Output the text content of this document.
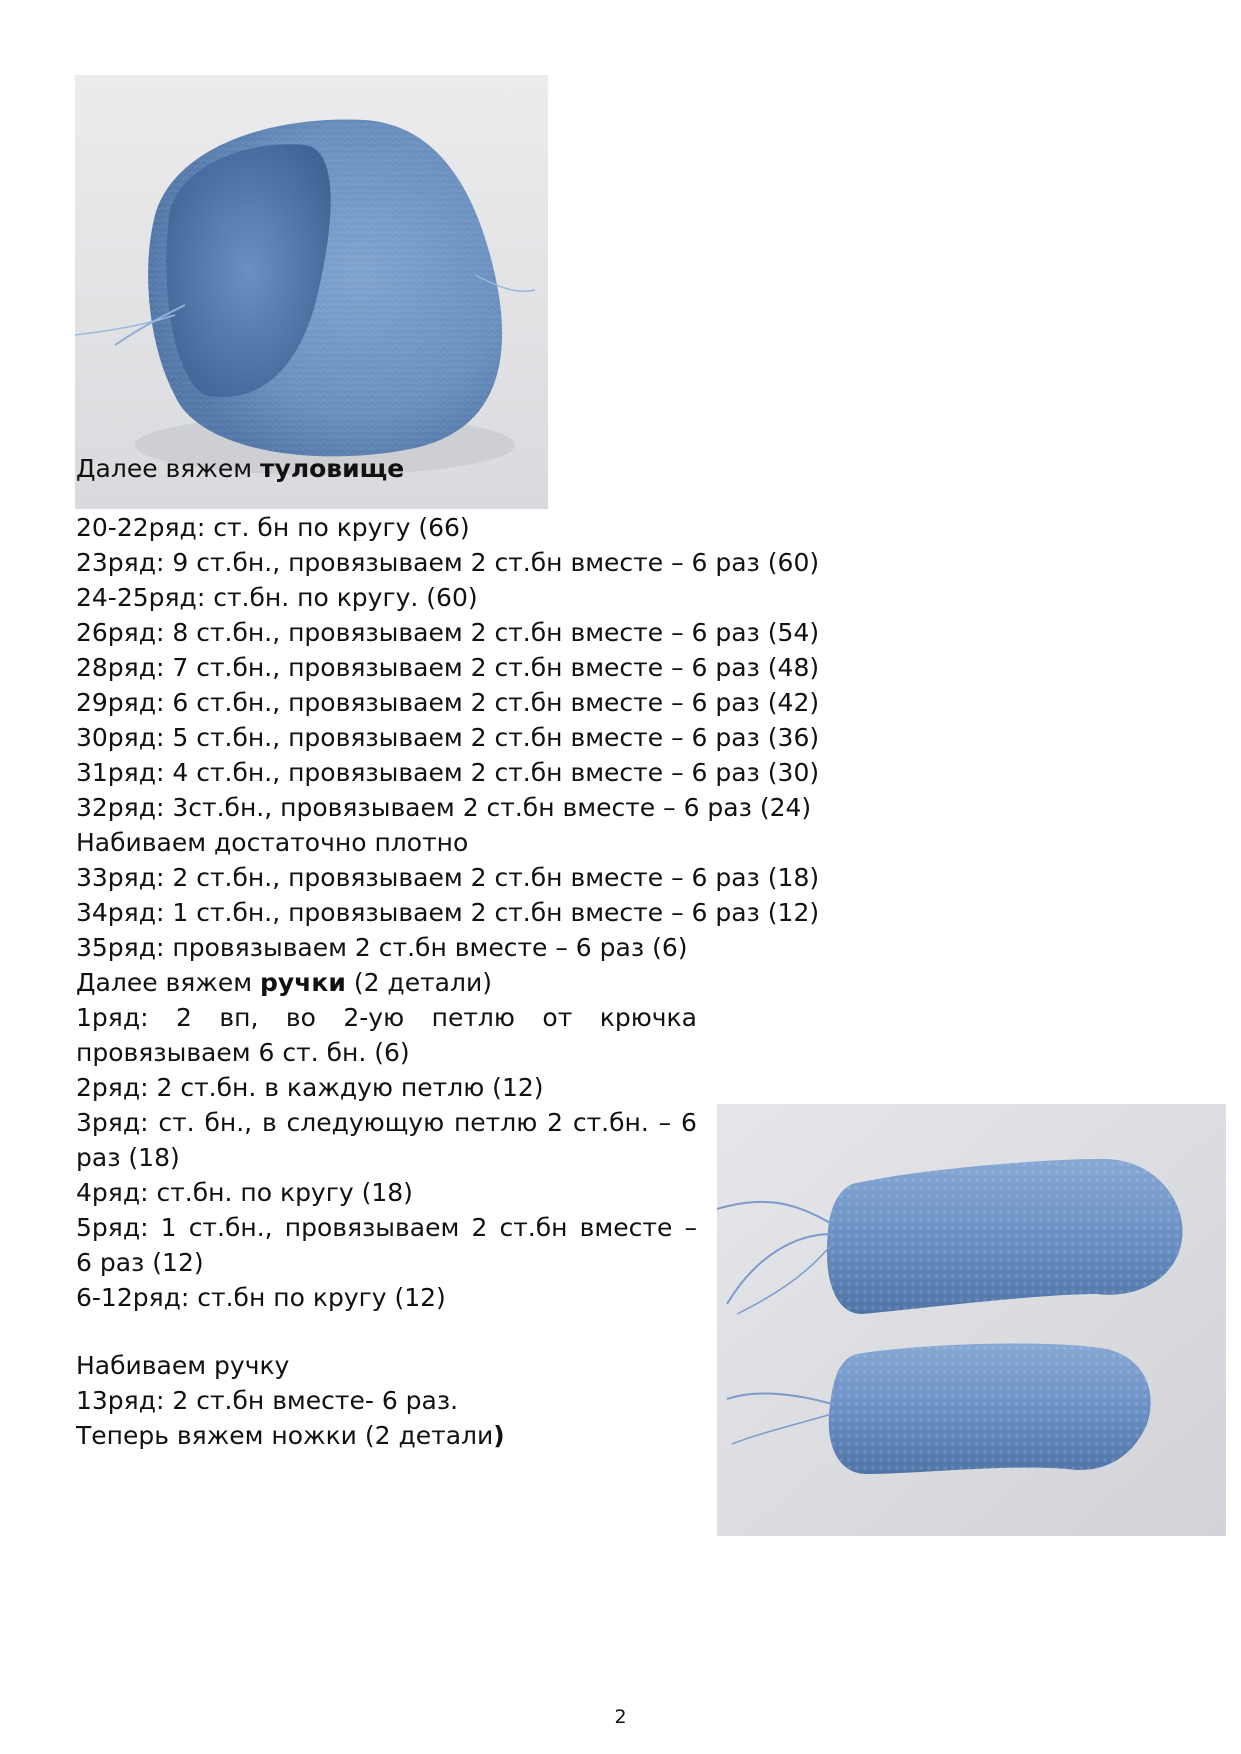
Далее вяжем туловище
20-22ряд: ст. бн по кругу (66)
23ряд: 9 ст.бн., провязываем 2 ст.бн вместе – 6 раз (60)
24-25ряд: ст.бн. по кругу. (60)
26ряд: 8 ст.бн., провязываем 2 ст.бн вместе – 6 раз (54)
28ряд: 7 ст.бн., провязываем 2 ст.бн вместе – 6 раз (48)
29ряд: 6 ст.бн., провязываем 2 ст.бн вместе – 6 раз (42)
30ряд: 5 ст.бн., провязываем 2 ст.бн вместе – 6 раз (36)
31ряд: 4 ст.бн., провязываем 2 ст.бн вместе – 6 раз (30)
32ряд: 3ст.бн., провязываем 2 ст.бн вместе – 6 раз (24)
Набиваем достаточно плотно
33ряд: 2 ст.бн., провязываем 2 ст.бн вместе – 6 раз (18)
34ряд: 1 ст.бн., провязываем 2 ст.бн вместе – 6 раз (12)
35ряд: провязываем 2 ст.бн вместе – 6 раз (6)
Далее вяжем ручки (2 детали)
1ряд: 2 вп, во 2-ую петлю от крючка
провязываем 6 ст. бн. (6)
2ряд: 2 ст.бн. в каждую петлю (12)
3ряд: ст. бн., в следующую петлю 2 ст.бн. – 6
раз (18)
4ряд: ст.бн. по кругу (18)
5ряд: 1 ст.бн., провязываем 2 ст.бн вместе –
6 раз (12)
6-12ряд: ст.бн по кругу (12)
Набиваем ручку
13ряд: 2 ст.бн вместе- 6 раз.
Теперь вяжем ножки (2 детали)
2
